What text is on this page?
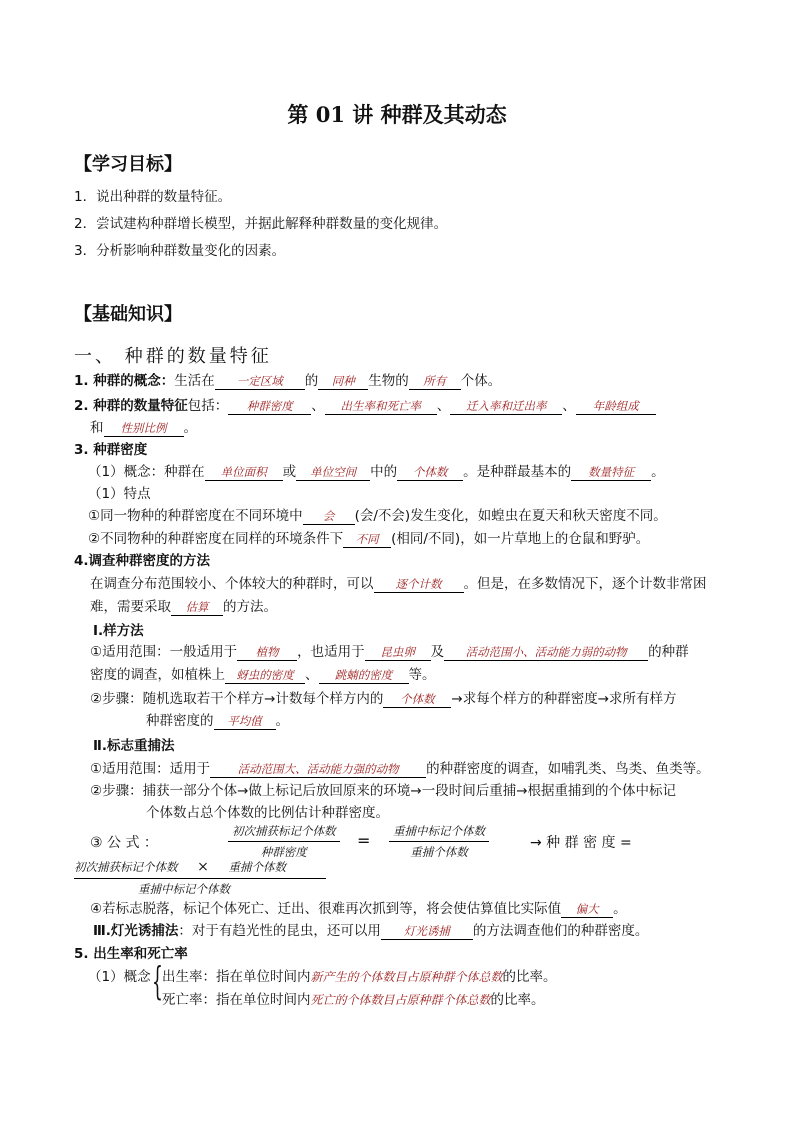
第 01 讲 种群及其动态
【学习目标】
1．说出种群的数量特征。
2．尝试建构种群增长模型，并据此解释种群数量的变化规律。
3．分析影响种群数量变化的因素。
【基础知识】
一、 种群的数量特征
1. 种群的概念：生活在 一定区域 的 同种 生物的 所有 个体。
2. 种群的数量特征包括： 种群密度 、 出生率和死亡率 、 迁入率和迁出率 、 年龄组成
和 性别比例 。
3. 种群密度
（1）概念：种群在 单位面积 或 单位空间 中的 个体数 。是种群最基本的 数量特征 。
（1）特点
①同一物种的种群密度在不同环境中 会 (会/不会)发生变化，如蝗虫在夏天和秋天密度不同。
②不同物种的种群密度在同样的环境条件下 不同 (相同/不同)，如一片草地上的仓鼠和野驴。
4.调查种群密度的方法
在调查分布范围较小、个体较大的种群时，可以 逐个计数 。但是，在多数情况下，逐个计数非常困
难，需要采取 估算 的方法。
Ⅰ.样方法
①适用范围：一般适用于 植物 ，也适用于 昆虫卵 及 活动范围小、活动能力弱的动物 的种群
密度的调查，如植株上 蚜虫的密度 、 跳蝻的密度 等。
②步骤：随机选取若干个样方→计数每个样方内的 个体数 →求每个样方的种群密度→求所有样方
种群密度的 平均值 。
Ⅱ.标志重捕法
①适用范围：适用于 活动范围大、活动能力强的动物 的种群密度的调查，如哺乳类、鸟类、鱼类等。
②步骤：捕获一部分个体→做上标记后放回原来的环境→一段时间后重捕→根据重捕到的个体中标记
个体数占总个体数的比例估计种群密度。
③ 公 式 ：
初次捕获标记个体数
种群密度
=	重捕中标记个体数
重捕个体数
→ 种 群 密 度 =
初次捕获标记个体数 × 重捕个体数
重捕中标记个体数
④若标志脱落，标记个体死亡、迁出、很难再次抓到等，将会使估算值比实际值 偏大 。
Ⅲ.灯光诱捕法：对于有趋光性的昆虫，还可以用 灯光诱捕 的方法调查他们的种群密度。
5. 出生率和死亡率
（1）概念 { 出生率：指在单位时间内新产生的个体数目占原种群个体总数的比率。
死亡率：指在单位时间内死亡的个体数目占原种群个体总数的比率。
